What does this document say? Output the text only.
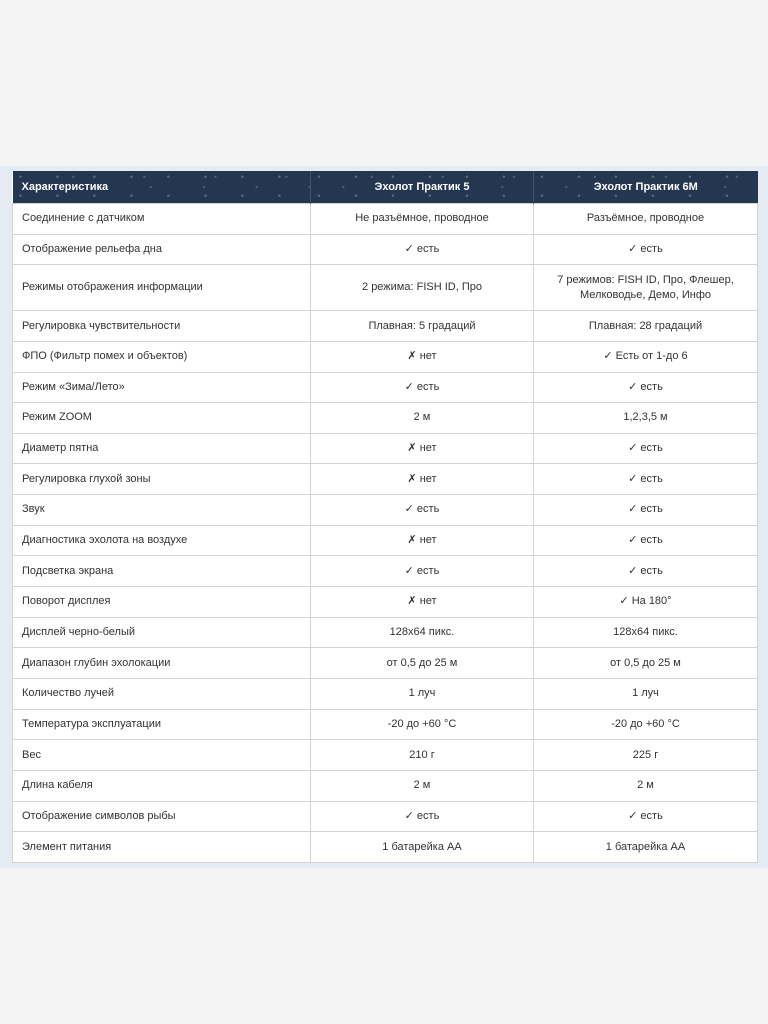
Характеристика	Эхолот Практик 5	Эхолот Практик 6М
Соединение с датчиком	Не разъёмное, проводное	Разъёмное, проводное
Отображение рельефа дна	✓ есть	✓ есть
Режимы отображения информации	2 режима: FISH ID, Про	7 режимов: FISH ID, Про, Флешер, Мелководье, Демо, Инфо
Регулировка чувствительности	Плавная: 5 градаций	Плавная: 28 градаций
ФПО (Фильтр помех и объектов)	✗ нет	✓ Есть от 1-до 6
Режим «Зима/Лето»	✓ есть	✓ есть
Режим ZOOM	2 м	1,2,3,5 м
Диаметр пятна	✗ нет	✓ есть
Регулировка глухой зоны	✗ нет	✓ есть
Звук	✓ есть	✓ есть
Диагностика эхолота на воздухе	✗ нет	✓ есть
Подсветка экрана	✓ есть	✓ есть
Поворот дисплея	✗ нет	✓ На 180°
Дисплей черно-белый	128x64 пикс.	128x64 пикс.
Диапазон глубин эхолокации	от 0,5 до 25 м	от 0,5 до 25 м
Количество лучей	1 луч	1 луч
Температура эксплуатации	-20 до +60 °C	-20 до +60 °C
Вес	210 г	225 г
Длина кабеля	2 м	2 м
Отображение символов рыбы	✓ есть	✓ есть
Элемент питания	1 батарейка АА	1 батарейка АА
